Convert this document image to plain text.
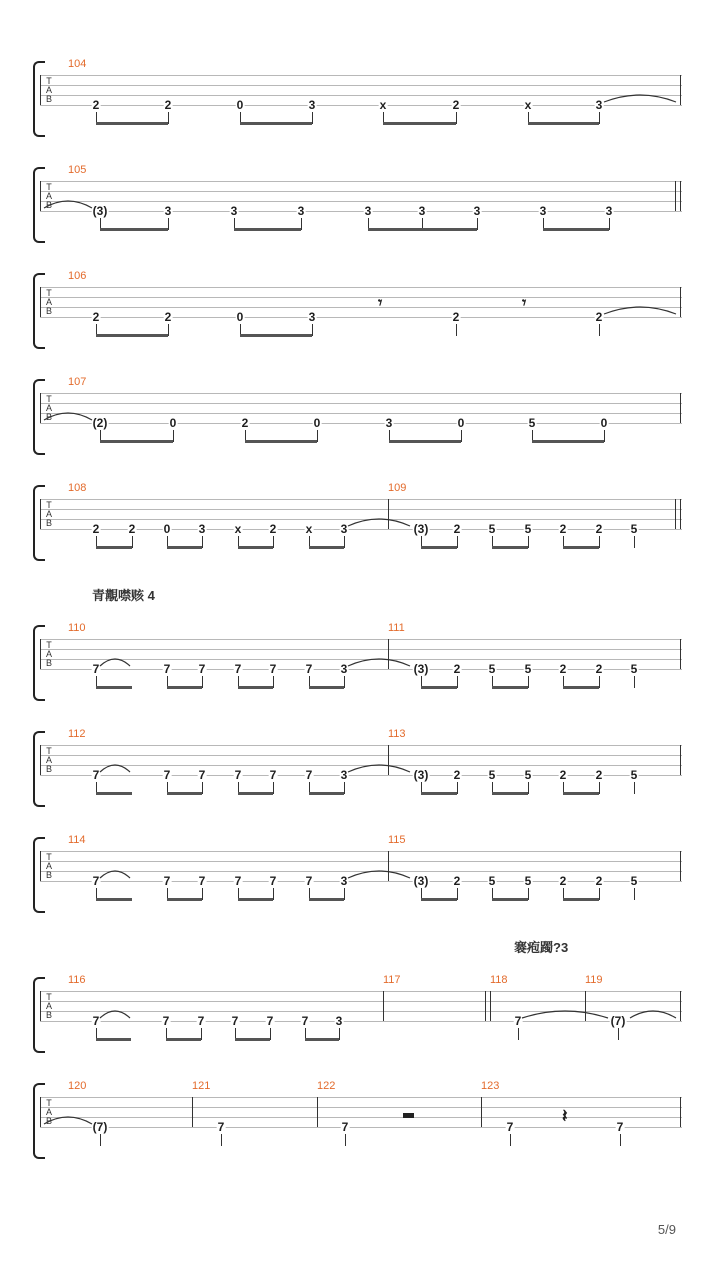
T
A
B
104
2	2	0	3	x	2	x	3
T
A
B
105
(3)	3	3	3	3	3	3	3	3
T
A
B
106
2	2	0	3	2	2
T
A
B
107
(2)	0	2	0	3	0	5	0
T
A
B
108	109
2 2 0 3 x 2 x 3	(3) 2 5 5 2 2 5
T
A
B
110	111
7	7 7 7 7 7 3	(3) 2 5 5 2 2 5
T
A
B
112	113
7	7 7 7 7 7 3	(3) 2 5 5 2 2 5
T
A
B
114	115
7	7 7 7 7 7 3	(3) 2 5 5 2 2 5
T
A
B
116	117	118	119
7	7 7 7 7 7 3	7	(7)
T
A
B
120	121	122	123
(7)	7	7	7	7
𝄾	𝄾
𝄽
青覯噤赅 4
褰疱躅?3
5/9
